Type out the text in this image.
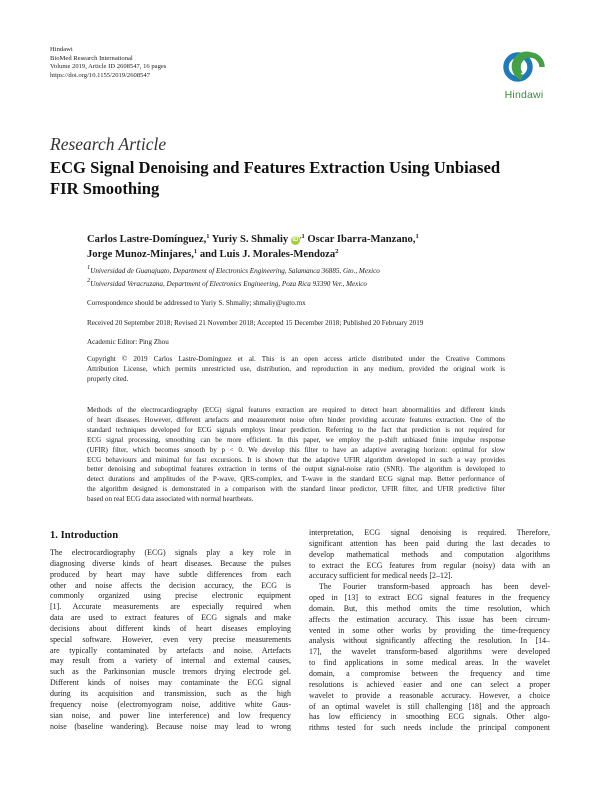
Hindawi
BioMed Research International
Volume 2019, Article ID 2608547, 16 pages
https://doi.org/10.1155/2019/2608547
Hindawi
Research Article
ECG Signal Denoising and Features Extraction Using Unbiased
FIR Smoothing
Carlos Lastre-Domínguez,$^1$ Yuriy S. Shmaliy iD $^{,1}$ Oscar Ibarra-Manzano,$^1$
Jorge Munoz-Minjares,$^1$ and Luis J. Morales-Mendoza$^2$
$^1$Universidad de Guanajuato, Department of Electronics Engineering, Salamanca 36885, Gto., Mexico
$^2$Universidad Veracruzana, Department of Electronics Engineering, Poza Rica 93390 Ver., Mexico
Correspondence should be addressed to Yuriy S. Shmaliy; shmaliy@ugto.mx
Received 20 September 2018; Revised 21 November 2018; Accepted 15 December 2018; Published 20 February 2019
Academic Editor: Ping Zhou
Copyright © 2019 Carlos Lastre-Domínguez et al. This is an open access article distributed under the Creative Commons
Attribution License, which permits unrestricted use, distribution, and reproduction in any medium, provided the original work is
properly cited.
Methods of the electrocardiography (ECG) signal features extraction are required to detect heart abnormalities and different kinds
of heart diseases. However, different artefacts and measurement noise often hinder providing accurate features extraction. One of the
standard techniques developed for ECG signals employs linear prediction. Referring to the fact that prediction is not required for
ECG signal processing, smoothing can be more efficient. In this paper, we employ the p-shift unbiased finite impulse response
(UFIR) filter, which becomes smooth by p < 0. We develop this filter to have an adaptive averaging horizon: optimal for slow
ECG behaviours and minimal for fast excursions. It is shown that the adaptive UFIR algorithm developed in such a way provides
better denoising and suboptimal features extraction in terms of the output signal-noise ratio (SNR). The algorithm is developed to
detect durations and amplitudes of the P-wave, QRS-complex, and T-wave in the standard ECG signal map. Better performance of
the algorithm designed is demonstrated in a comparison with the standard linear predictor, UFIR filter, and UFIR predictive filter
based on real ECG data associated with normal heartbeats.
1. Introduction
The electrocardiography (ECG) signals play a key role in
diagnosing diverse kinds of heart diseases. Because the pulses
produced by heart may have subtle differences from each
other and noise affects the decision accuracy, the ECG is
commonly organized using precise electronic equipment
[1]. Accurate measurements are especially required when
data are used to extract features of ECG signals and make
decisions about different kinds of heart diseases employing
special software. However, even very precise measurements
are typically contaminated by artefacts and noise. Artefacts
may result from a variety of internal and external causes,
such as the Parkinsonian muscle tremors drying electrode gel.
Different kinds of noises may contaminate the ECG signal
during its acquisition and transmission, such as the high
frequency noise (electromyogram noise, additive white Gaus-
sian noise, and power line interference) and low frequency
noise (baseline wandering). Because noise may lead to wrong
interpretation, ECG signal denoising is required. Therefore,
significant attention has been paid during the last decades to
develop mathematical methods and computation algorithms
to extract the ECG features from regular (noisy) data with an
accuracy sufficient for medical needs [2–12].
The Fourier transform-based approach has been devel-
oped in [13] to extract ECG signal features in the frequency
domain. But, this method omits the time resolution, which
affects the estimation accuracy. This issue has been circum-
vented in some other works by providing the time-frequency
analysis without significantly affecting the resolution. In [14–
17], the wavelet transform-based algorithms were developed
to find applications in some medical areas. In the wavelet
domain, a compromise between the frequency and time
resolutions is achieved easier and one can select a proper
wavelet to provide a reasonable accuracy. However, a choice
of an optimal wavelet is still challenging [18] and the approach
has low efficiency in smoothing ECG signals. Other algo-
rithms tested for such needs include the principal component
